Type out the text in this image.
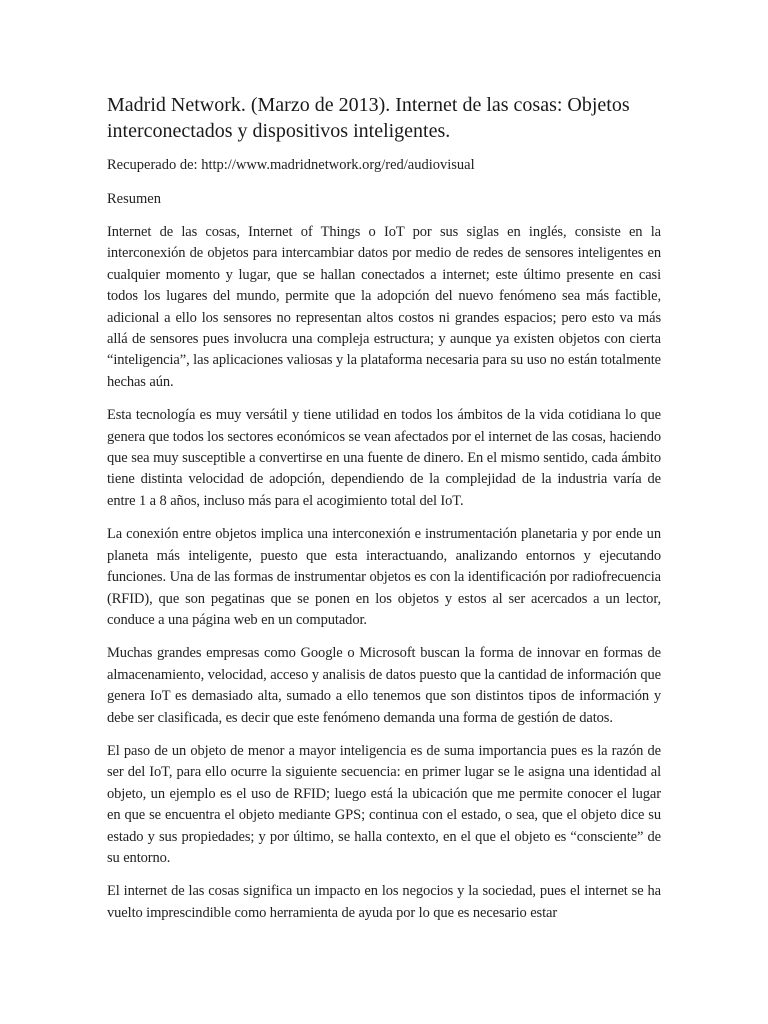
Madrid Network. (Marzo de 2013). Internet de las cosas: Objetos interconectados y dispositivos inteligentes.

Recuperado de: http://www.madridnetwork.org/red/audiovisual

Resumen

Internet de las cosas, Internet of Things o IoT por sus siglas en inglés, consiste en la interconexión de objetos para intercambiar datos por medio de redes de sensores inteligentes en cualquier momento y lugar, que se hallan conectados a internet; este último presente en casi todos los lugares del mundo, permite que la adopción del nuevo fenómeno sea más factible, adicional a ello los sensores no representan altos costos ni grandes espacios; pero esto va más allá de sensores pues involucra una compleja estructura; y aunque ya existen objetos con cierta “inteligencia”, las aplicaciones valiosas y la plataforma necesaria para su uso no están totalmente hechas aún.

Esta tecnología es muy versátil y tiene utilidad en todos los ámbitos de la vida cotidiana lo que genera que todos los sectores económicos se vean afectados por el internet de las cosas, haciendo que sea muy susceptible a convertirse en una fuente de dinero. En el mismo sentido, cada ámbito tiene distinta velocidad de adopción, dependiendo de la complejidad de la industria varía de entre 1 a 8 años, incluso más para el acogimiento total del IoT.

La conexión entre objetos implica una interconexión e instrumentación planetaria y por ende un planeta más inteligente, puesto que esta interactuando, analizando entornos y ejecutando funciones. Una de las formas de instrumentar objetos es con la identificación por radiofrecuencia (RFID), que son pegatinas que se ponen en los objetos y estos al ser acercados a un lector, conduce a una página web en un computador.

Muchas grandes empresas como Google o Microsoft buscan la forma de innovar en formas de almacenamiento, velocidad, acceso y analisis de datos puesto que la cantidad de información que genera IoT es demasiado alta, sumado a ello tenemos que son distintos tipos de información y debe ser clasificada, es decir que este fenómeno demanda una forma de gestión de datos.

El paso de un objeto de menor a mayor inteligencia es de suma importancia pues es la razón de ser del IoT, para ello ocurre la siguiente secuencia: en primer lugar se le asigna una identidad al objeto, un ejemplo es el uso de RFID; luego está la ubicación que me permite conocer el lugar en que se encuentra el objeto mediante GPS; continua con el estado, o sea, que el objeto dice su estado y sus propiedades; y por último, se halla contexto, en el que el objeto es “consciente” de su entorno.

El internet de las cosas significa un impacto en los negocios y la sociedad, pues el internet se ha vuelto imprescindible como herramienta de ayuda por lo que es necesario estar
